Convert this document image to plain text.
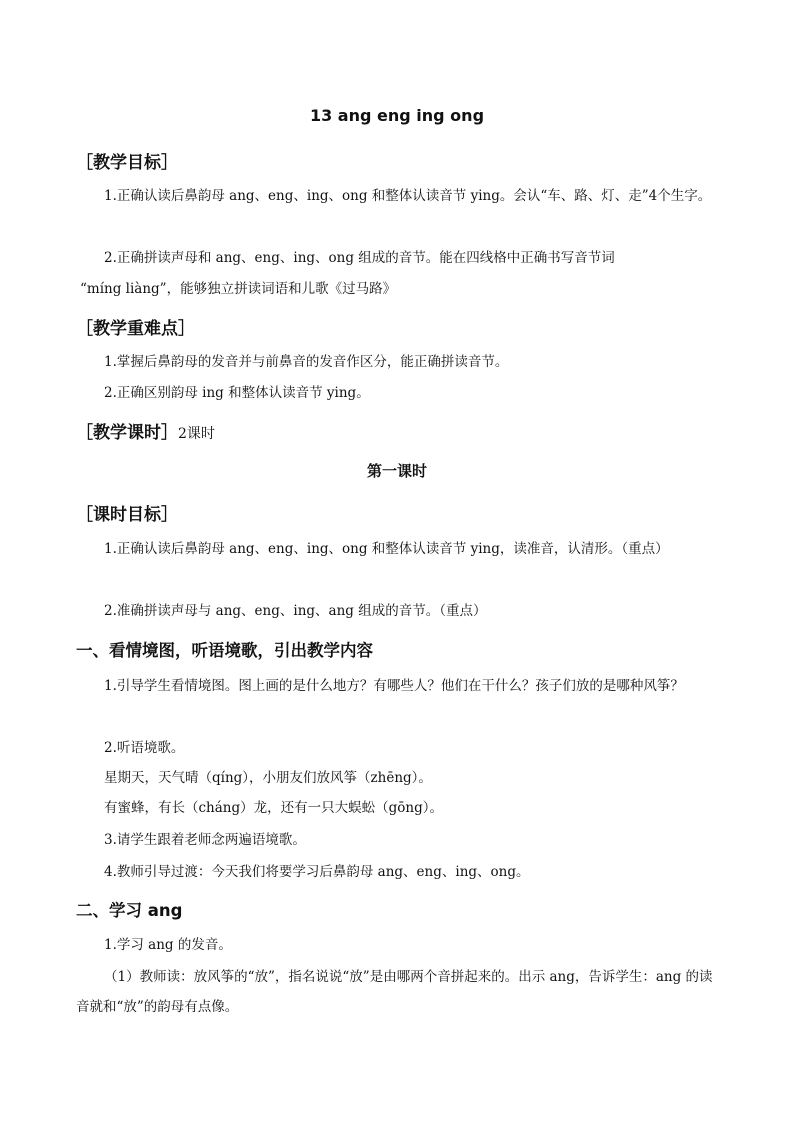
13 ang eng ing ong
［教学目标］
1.正确认读后鼻韵母 ang、eng、ing、ong 和整体认读音节 ying。会认“车、路、灯、走”4个生字。
2.正确拼读声母和 ang、eng、ing、ong 组成的音节。能在四线格中正确书写音节词
“míng liàng”，能够独立拼读词语和儿歌《过马路》
［教学重难点］
1.掌握后鼻韵母的发音并与前鼻音的发音作区分，能正确拼读音节。
2.正确区别韵母 ing 和整体认读音节 ying。
［教学课时］2课时
第一课时
［课时目标］
1.正确认读后鼻韵母 ang、eng、ing、ong 和整体认读音节 ying，读准音，认清形。（重点）
2.准确拼读声母与 ang、eng、ing、ang 组成的音节。（重点）
一、看情境图，听语境歌，引出教学内容
1.引导学生看情境图。图上画的是什么地方？有哪些人？他们在干什么？孩子们放的是哪种风筝？
2.听语境歌。
星期天，天气晴（qíng），小朋友们放风筝（zhēng）。
有蜜蜂，有长（cháng）龙，还有一只大蜈蚣（gōng）。
3.请学生跟着老师念两遍语境歌。
4.教师引导过渡：今天我们将要学习后鼻韵母 ang、eng、ing、ong。
二、学习 ang
1.学习 ang 的发音。
（1）教师读：放风筝的“放”，指名说说“放”是由哪两个音拼起来的。出示 ang，告诉学生：ang 的读音就和“放”的韵母有点像。
